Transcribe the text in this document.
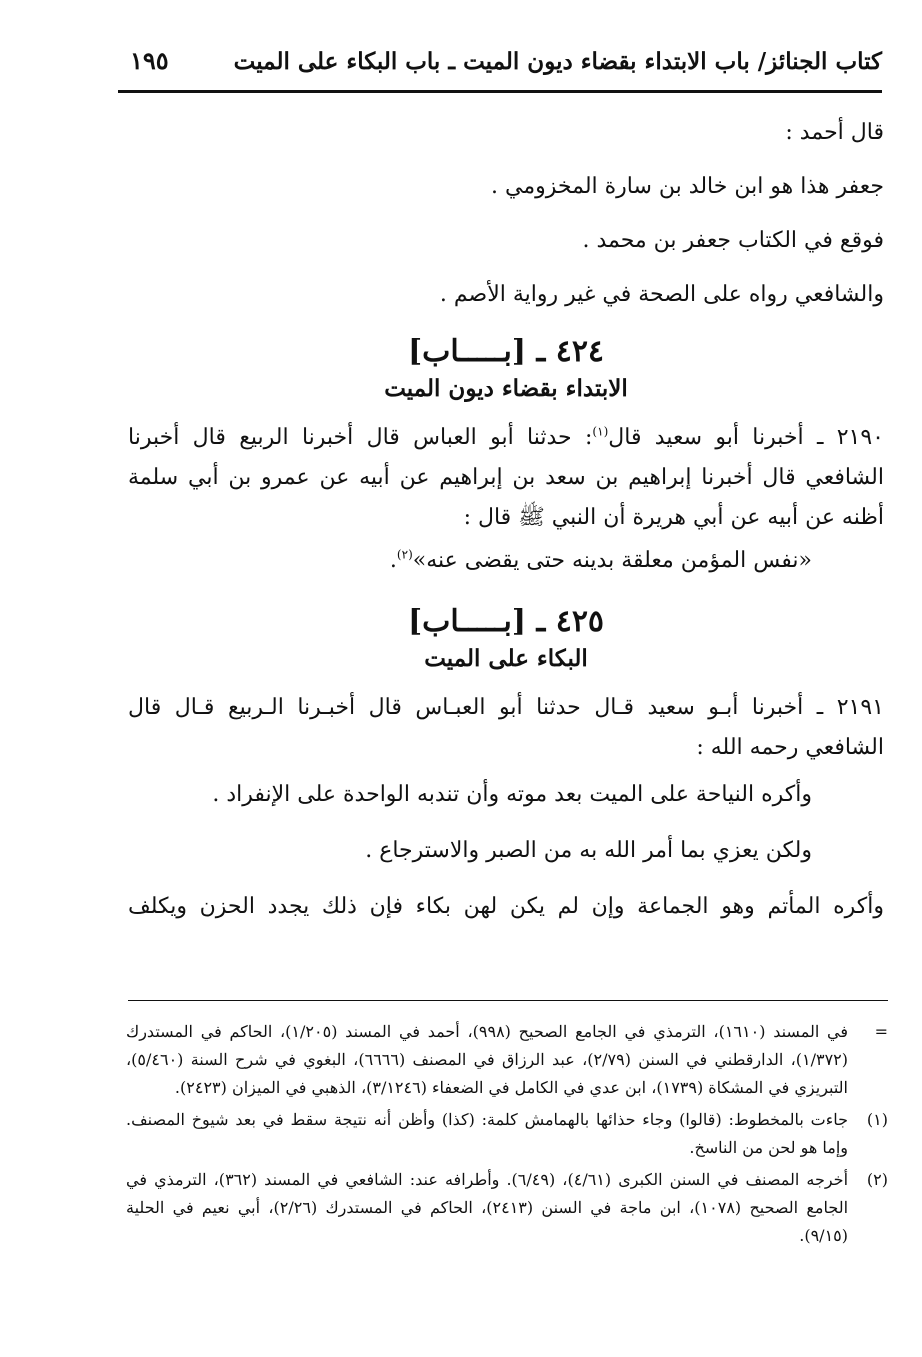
كتاب الجنائز/ باب الابتداء بقضاء ديون الميت ـ باب البكاء على الميت
١٩٥
قال أحمد :
جعفر هذا هو ابن خالد بن سارة المخزومي .
فوقع في الكتاب جعفر بن محمد .
والشافعي رواه على الصحة في غير رواية الأصم .
٤٢٤ ـ [بـــــاب]
الابتداء بقضاء ديون الميت
٢١٩٠ ـ أخبرنا أبو سعيد قال$^{(١)}$: حدثنا أبو العباس قال أخبرنا الربيع قال أخبرنا الشافعي قال أخبرنا إبراهيم بن سعد بن إبراهيم عن أبيه عن عمرو بن أبي سلمة أظنه عن أبيه عن أبي هريرة أن النبي ﷺ قال :
«نفس المؤمن معلقة بدينه حتى يقضى عنه»$^{(٢)}$.
٤٢٥ ـ [بـــــاب]
البكاء على الميت
٢١٩١ ـ أخبرنا أبـو سعيد قـال حدثنا أبو العبـاس قال أخبـرنا الـربيع قـال قال الشافعي رحمه الله :
وأكره النياحة على الميت بعد موته وأن تندبه الواحدة على الإنفراد .
ولكن يعزي بما أمر الله به من الصبر والاسترجاع .
وأكره المأتم وهو الجماعة وإن لم يكن لهن بكاء فإن ذلك يجدد الحزن ويكلف
=
في المسند (١٦١٠)، الترمذي في الجامع الصحيح (٩٩٨)، أحمد في المسند (١/٢٠٥)، الحاكم في المستدرك (١/٣٧٢)، الدارقطني في السنن (٢/٧٩)، عبد الرزاق في المصنف (٦٦٦٦)، البغوي في شرح السنة (٥/٤٦٠)، التبريزي في المشكاة (١٧٣٩)، ابن عدي في الكامل في الضعفاء (٣/١٢٤٦)، الذهبي في الميزان (٢٤٢٣).
(١)
جاءت بالمخطوط: (قالوا) وجاء حذائها بالهمامش كلمة: (كذا) وأظن أنه نتيجة سقط في بعد شيوخ المصنف. وإما هو لحن من الناسخ.
(٢)
أخرجه المصنف في السنن الكبرى (٤/٦١)، (٦/٤٩). وأطرافه عند: الشافعي في المسند (٣٦٢)، الترمذي في الجامع الصحيح (١٠٧٨)، ابن ماجة في السنن (٢٤١٣)، الحاكم في المستدرك (٢/٢٦)، أبي نعيم في الحلية (٩/١٥).
